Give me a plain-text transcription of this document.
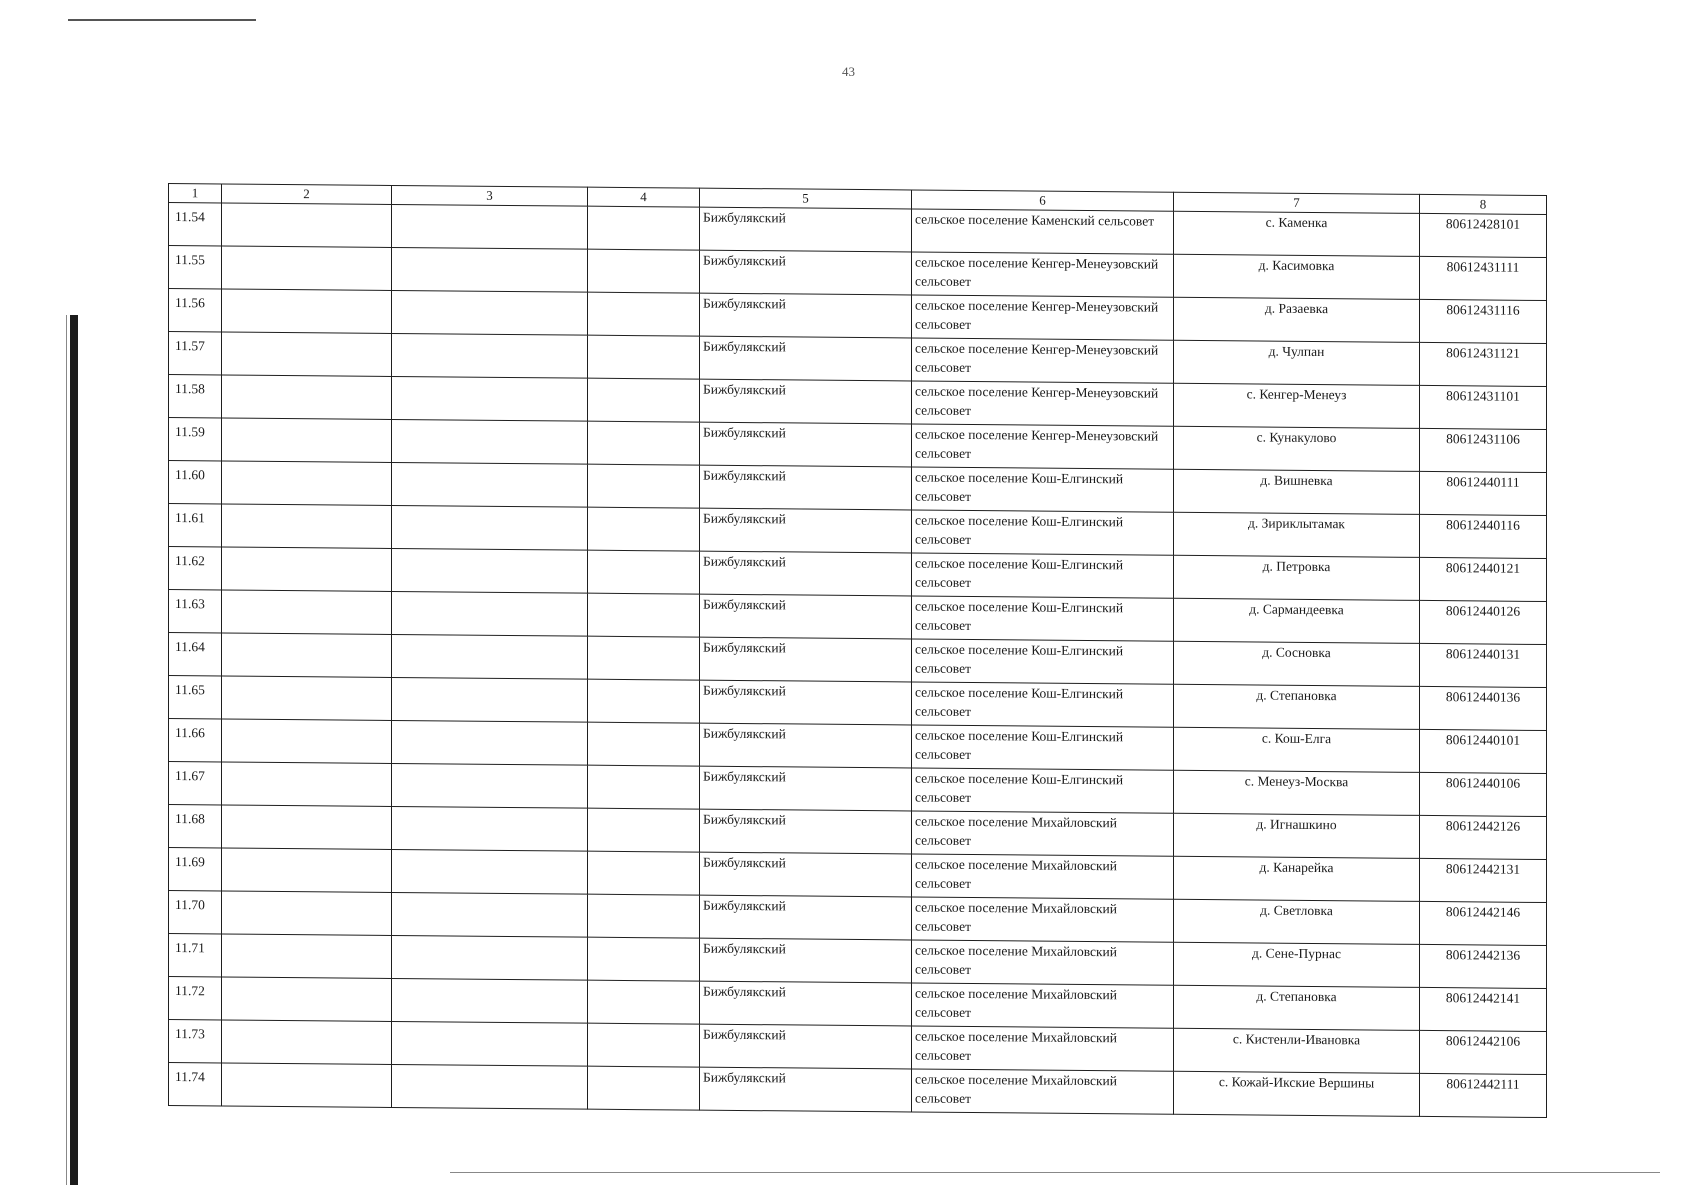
43
1	2	3	4	5	6	7	8
11.54				Бижбулякский	сельское поселение Каменский сельсовет	с. Каменка	80612428101
11.55				Бижбулякский	сельское поселение Кенгер-Менеузовский сельсовет	д. Касимовка	80612431111
11.56				Бижбулякский	сельское поселение Кенгер-Менеузовский сельсовет	д. Разаевка	80612431116
11.57				Бижбулякский	сельское поселение Кенгер-Менеузовский сельсовет	д. Чулпан	80612431121
11.58				Бижбулякский	сельское поселение Кенгер-Менеузовский сельсовет	с. Кенгер-Менеуз	80612431101
11.59				Бижбулякский	сельское поселение Кенгер-Менеузовский сельсовет	с. Кунакулово	80612431106
11.60				Бижбулякский	сельское поселение Кош-Елгинский сельсовет	д. Вишневка	80612440111
11.61				Бижбулякский	сельское поселение Кош-Елгинский сельсовет	д. Зириклытамак	80612440116
11.62				Бижбулякский	сельское поселение Кош-Елгинский сельсовет	д. Петровка	80612440121
11.63				Бижбулякский	сельское поселение Кош-Елгинский сельсовет	д. Сармандеевка	80612440126
11.64				Бижбулякский	сельское поселение Кош-Елгинский сельсовет	д. Сосновка	80612440131
11.65				Бижбулякский	сельское поселение Кош-Елгинский сельсовет	д. Степановка	80612440136
11.66				Бижбулякский	сельское поселение Кош-Елгинский сельсовет	с. Кош-Елга	80612440101
11.67				Бижбулякский	сельское поселение Кош-Елгинский сельсовет	с. Менеуз-Москва	80612440106
11.68				Бижбулякский	сельское поселение Михайловский сельсовет	д. Игнашкино	80612442126
11.69				Бижбулякский	сельское поселение Михайловский сельсовет	д. Канарейка	80612442131
11.70				Бижбулякский	сельское поселение Михайловский сельсовет	д. Светловка	80612442146
11.71				Бижбулякский	сельское поселение Михайловский сельсовет	д. Сене-Пурнас	80612442136
11.72				Бижбулякский	сельское поселение Михайловский сельсовет	д. Степановка	80612442141
11.73				Бижбулякский	сельское поселение Михайловский сельсовет	с. Кистенли-Ивановка	80612442106
11.74				Бижбулякский	сельское поселение Михайловский сельсовет	с. Кожай-Икские Вершины	80612442111
